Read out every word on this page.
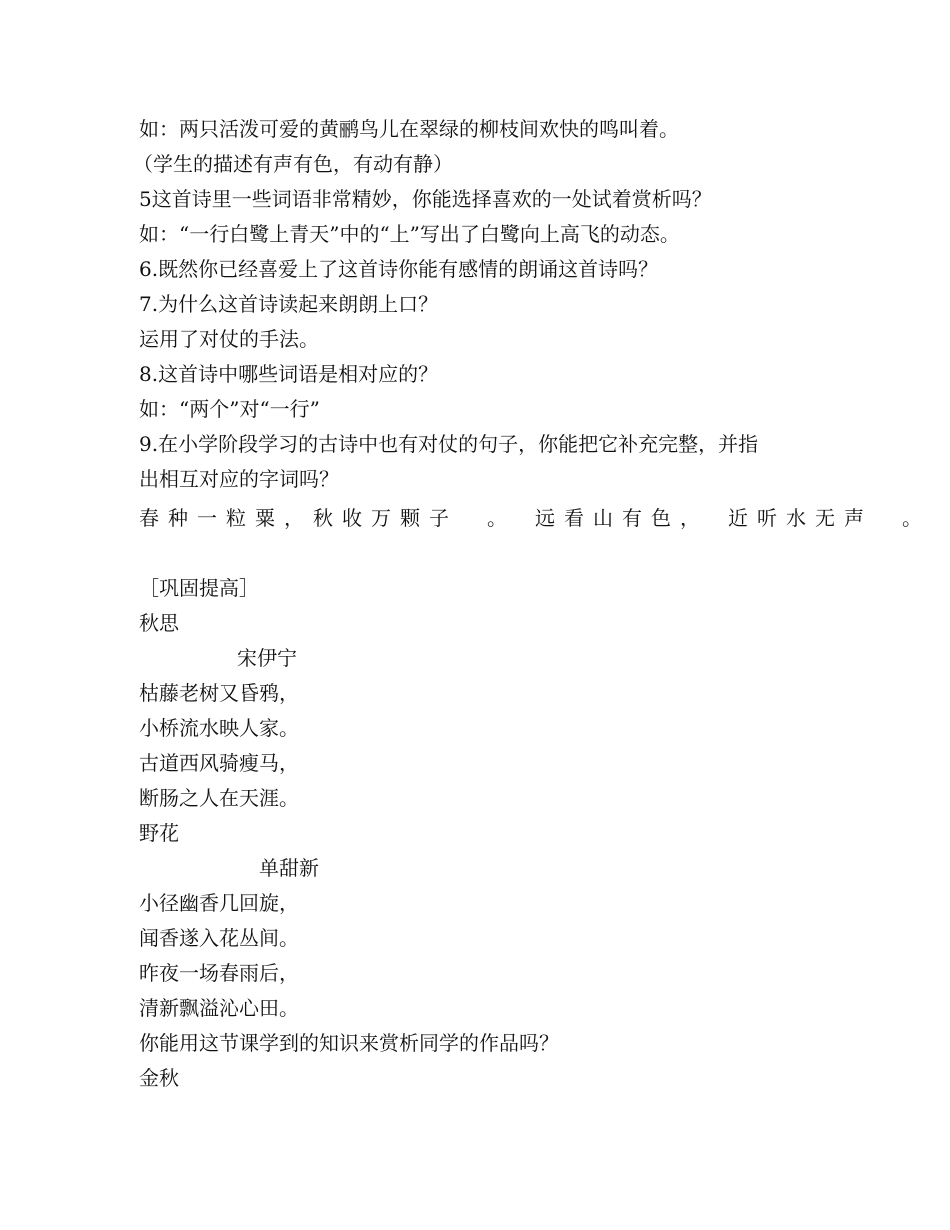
如：两只活泼可爱的黄鹂鸟儿在翠绿的柳枝间欢快的鸣叫着。
（学生的描述有声有色，有动有静）
5这首诗里一些词语非常精妙，你能选择喜欢的一处试着赏析吗？
如：“一行白鹭上青天”中的“上”写出了白鹭向上高飞的动态。
6.既然你已经喜爱上了这首诗你能有感情的朗诵这首诗吗？
7.为什么这首诗读起来朗朗上口？
运用了对仗的手法。
8.这首诗中哪些词语是相对应的？
如：“两个”对“一行”
9.在小学阶段学习的古诗中也有对仗的句子，你能把它补充完整，并指
出相互对应的字词吗？
春种一粒粟，秋收万颗子　。　远看山有色，　近听水无声　。
［巩固提高］
秋思
宋伊宁
枯藤老树又昏鸦，
小桥流水映人家。
古道西风骑瘦马，
断肠之人在天涯。
野花
单甜新
小径幽香几回旋，
闻香遂入花丛间。
昨夜一场春雨后，
清新飘溢沁心田。
你能用这节课学到的知识来赏析同学的作品吗？
金秋
